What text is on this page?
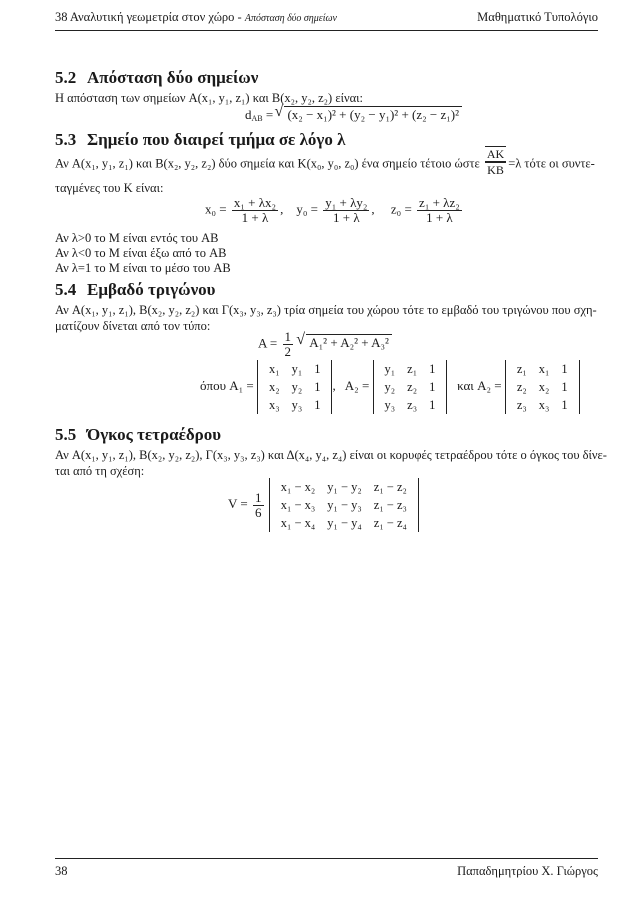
38 Αναλυτική γεωμετρία στον χώρο - Απόσταση δύο σημείων	Μαθηματικό Τυπολόγιο
5.2 Απόσταση δύο σημείων
Η απόσταση των σημείων A(x₁, y₁, z₁) και B(x₂, y₂, z₂) είναι:
$d_{AB}$ = √ (x₂ − x₁)² + (y₂ − y₁)² + (z₂ − z₁)²
5.3 Σημείο που διαιρεί τμήμα σε λόγο λ
Αν A(x₁, y₁, z₁) και B(x₂, y₂, z₂) δύο σημεία και K(x₀, y₀, z₀) ένα σημείο τέτοιο ώστε $\frac{AK}{KB} =\lambda$ τότε οι συντε-
ταγμένες του K είναι:
$x_0 = \frac{\text{x₁ + λx₂}}{1 + \lambda}$ , $y_0 = \frac{\text{y₁ + λy₂}}{1 + \lambda}$ , $z_0 = \frac{\text{z₁ + λz₂}}{1 + \lambda}$
Αν λ>0 το M είναι εντός του AB
Αν λ<0 το M είναι έξω από το AB
Αν λ=1 το M είναι το μέσο του AB
5.4 Εμβαδό τριγώνου
Αν A(x₁, y₁, z₁), B(x₂, y₂, z₂) και Γ(x₃, y₃, z₃) τρία σημεία του χώρου τότε το εμβαδό του τριγώνου που σχη-
ματίζουν δίνεται από τον τύπο:
$A = \frac{1}{2}$ √ A₁² + A₂² + A₃²
όπου A₁ =
x₁	y₁	1
x₂	y₂	1
x₃	y₃	1
, A₂ =
y₁	z₁	1
y₂	z₂	1
y₃	z₃	1
και A₂ =
z₁	x₁	1
z₂	x₂	1
z₃	x₃	1
5.5 Όγκος τετραέδρου
Αν A(x₁, y₁, z₁), B(x₂, y₂, z₂), Γ(x₃, y₃, z₃) και Δ(x₄, y₄, z₄) είναι οι κορυφές τετραέδρου τότε ο όγκος του δίνε-
ται από τη σχέση:
$V = \frac{1}{6}$

x₁ − x₂	y₁ − y₂	z₁ − z₂
x₁ − x₃	y₁ − y₃	z₁ − z₃
x₁ − x₄	y₁ − y₄	z₁ − z₄
38	Παπαδημητρίου Χ. Γιώργος
